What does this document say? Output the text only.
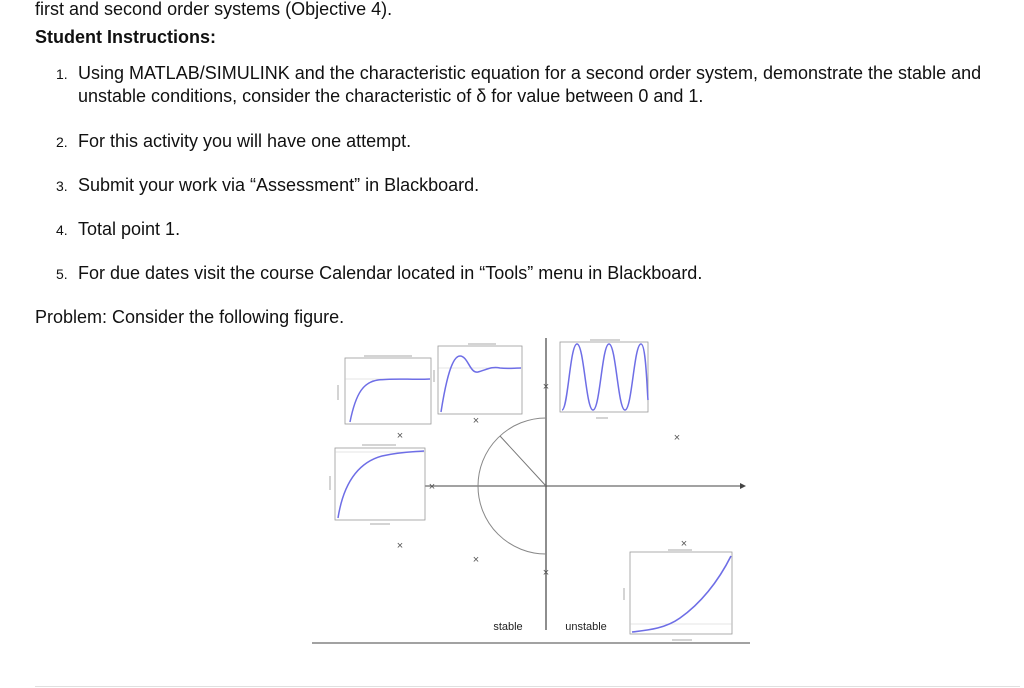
first and second order systems (Objective 4).
Student Instructions:
1. Using MATLAB/SIMULINK and the characteristic equation for a second order system, demonstrate the stable and unstable conditions, consider the characteristic of δ for value between 0 and 1.
2. For this activity you will have one attempt.
3. Submit your work via “Assessment” in Blackboard.
4. Total point 1.
5. For due dates visit the course Calendar located in “Tools” menu in Blackboard.
Problem: Consider the following figure.
×
×
×
×
×
×
×
×
×
stable	unstable
